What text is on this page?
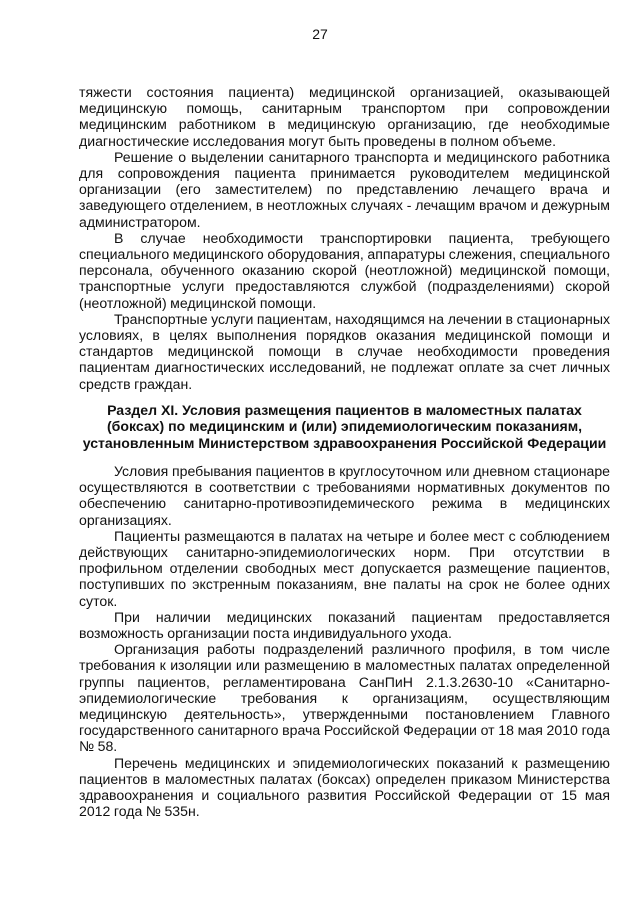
27

тяжести состояния пациента) медицинской организацией, оказывающей медицинскую помощь, санитарным транспортом при сопровождении медицинским работником в медицинскую организацию, где необходимые диагностические исследования могут быть проведены в полном объеме.

Решение о выделении санитарного транспорта и медицинского работника для сопровождения пациента принимается руководителем медицинской организации (его заместителем) по представлению лечащего врача и заведующего отделением, в неотложных случаях - лечащим врачом и дежурным администратором.

В случае необходимости транспортировки пациента, требующего специального медицинского оборудования, аппаратуры слежения, специального персонала, обученного оказанию скорой (неотложной) медицинской помощи, транспортные услуги предоставляются службой (подразделениями) скорой (неотложной) медицинской помощи.

Транспортные услуги пациентам, находящимся на лечении в стационарных условиях, в целях выполнения порядков оказания медицинской помощи и стандартов медицинской помощи в случае необходимости проведения пациентам диагностических исследований, не подлежат оплате за счет личных средств граждан.

Раздел XI. Условия размещения пациентов в маломестных палатах (боксах) по медицинским и (или) эпидемиологическим показаниям, установленным Министерством здравоохранения Российской Федерации

Условия пребывания пациентов в круглосуточном или дневном стационаре осуществляются в соответствии с требованиями нормативных документов по обеспечению санитарно-противоэпидемического режима в медицинских организациях.

Пациенты размещаются в палатах на четыре и более мест с соблюдением действующих санитарно-эпидемиологических норм. При отсутствии в профильном отделении свободных мест допускается размещение пациентов, поступивших по экстренным показаниям, вне палаты на срок не более одних суток.

При наличии медицинских показаний пациентам предоставляется возможность организации поста индивидуального ухода.

Организация работы подразделений различного профиля, в том числе требования к изоляции или размещению в маломестных палатах определенной группы пациентов, регламентирована СанПиН 2.1.3.2630-10 «Санитарно-эпидемиологические требования к организациям, осуществляющим медицинскую деятельность», утвержденными постановлением Главного государственного санитарного врача Российской Федерации от 18 мая 2010 года № 58.

Перечень медицинских и эпидемиологических показаний к размещению пациентов в маломестных палатах (боксах) определен приказом Министерства здравоохранения и социального развития Российской Федерации от 15 мая 2012 года № 535н.
